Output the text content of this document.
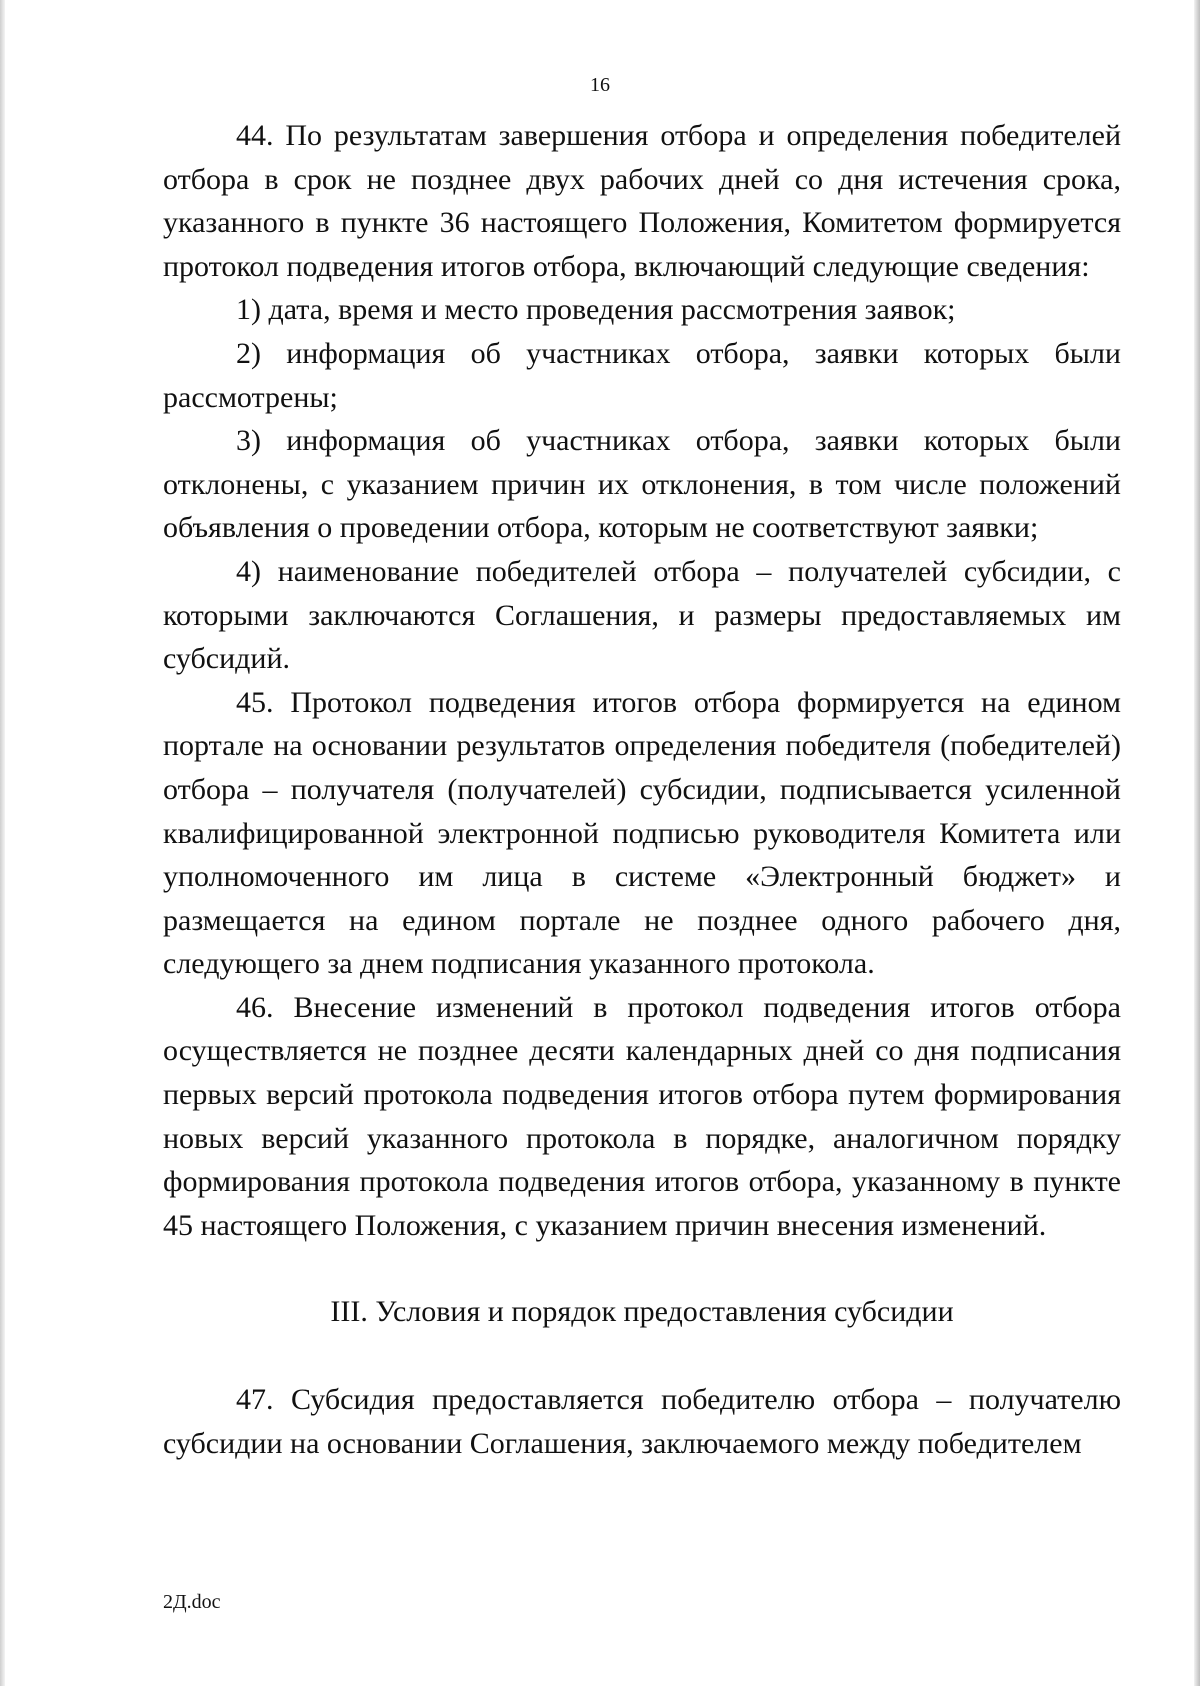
16

44. По результатам завершения отбора и определения победителей отбора в срок не позднее двух рабочих дней со дня истечения срока, указанного в пункте 36 настоящего Положения, Комитетом формируется протокол подведения итогов отбора, включающий следующие сведения:

1) дата, время и место проведения рассмотрения заявок;

2) информация об участниках отбора, заявки которых были рассмотрены;

3) информация об участниках отбора, заявки которых были отклонены, с указанием причин их отклонения, в том числе положений объявления о проведении отбора, которым не соответствуют заявки;

4) наименование победителей отбора – получателей субсидии, с которыми заключаются Соглашения, и размеры предоставляемых им субсидий.

45. Протокол подведения итогов отбора формируется на едином портале на основании результатов определения победителя (победителей) отбора – получателя (получателей) субсидии, подписывается усиленной квалифицированной электронной подписью руководителя Комитета или уполномоченного им лица в системе «Электронный бюджет» и размещается на едином портале не позднее одного рабочего дня, следующего за днем подписания указанного протокола.

46. Внесение изменений в протокол подведения итогов отбора осуществляется не позднее десяти календарных дней со дня подписания первых версий протокола подведения итогов отбора путем формирования новых версий указанного протокола в порядке, аналогичном порядку формирования протокола подведения итогов отбора, указанному в пункте 45 настоящего Положения, с указанием причин внесения изменений.

III. Условия и порядок предоставления субсидии

47. Субсидия предоставляется победителю отбора – получателю субсидии на основании Соглашения, заключаемого между победителем

2Д.doc
